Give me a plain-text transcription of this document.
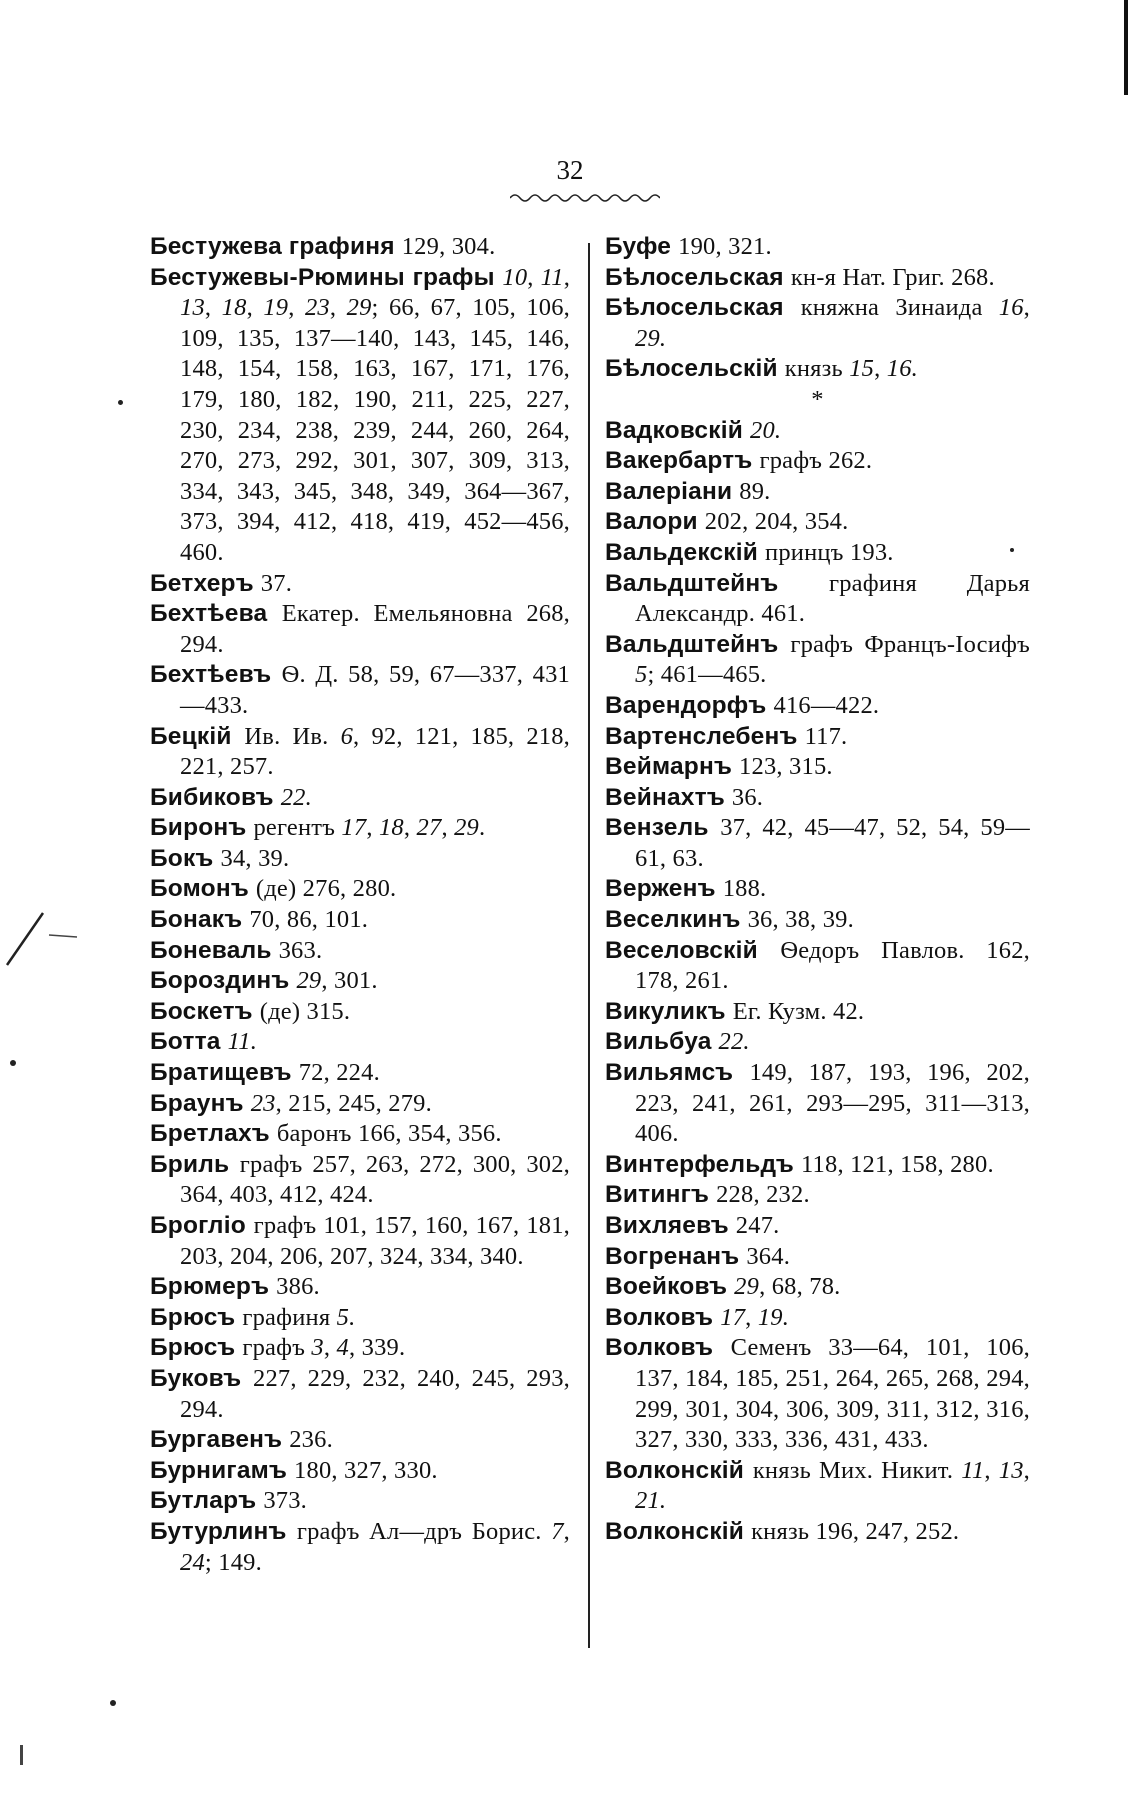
32

Бестужева графиня 129, 304.

Бестужевы-Рюмины графы 10, 11, 13, 18, 19, 23, 29; 66, 67, 105, 106, 109, 135, 137—140, 143, 145, 146, 148, 154, 158, 163, 167, 171, 176, 179, 180, 182, 190, 211, 225, 227, 230, 234, 238, 239, 244, 260, 264, 270, 273, 292, 301, 307, 309, 313, 334, 343, 345, 348, 349, 364—367, 373, 394, 412, 418, 419, 452—456, 460.

Бетхеръ 37.

Бехтѣева Екатер. Емельяновна 268, 294.

Бехтѣевъ Ѳ. Д. 58, 59, 67—337, 431—433.

Бецкій Ив. Ив. 6, 92, 121, 185, 218, 221, 257.

Бибиковъ 22.

Биронъ регентъ 17, 18, 27, 29.

Бокъ 34, 39.

Бомонъ (де) 276, 280.

Бонакъ 70, 86, 101.

Боневаль 363.

Бороздинъ 29, 301.

Боскетъ (де) 315.

Ботта 11.

Братищевъ 72, 224.

Браунъ 23, 215, 245, 279.

Бретлахъ баронъ 166, 354, 356.

Бриль графъ 257, 263, 272, 300, 302, 364, 403, 412, 424.

Брогліо графъ 101, 157, 160, 167, 181, 203, 204, 206, 207, 324, 334, 340.

Брюмеръ 386.

Брюсъ графиня 5.

Брюсъ графъ 3, 4, 339.

Буковъ 227, 229, 232, 240, 245, 293, 294.

Бургавенъ 236.

Бурнигамъ 180, 327, 330.

Бутларъ 373.

Бутурлинъ графъ Ал—дръ Борис. 7, 24; 149.

Буфе 190, 321.

Бѣлосельская кн-я Нат. Григ. 268.

Бѣлосельская княжна Зинаида 16, 29.

Бѣлосельскій князь 15, 16.

*

Вадковскій 20.

Вакербартъ графъ 262.

Валеріани 89.

Валори 202, 204, 354.

Вальдекскій принцъ 193.

Вальдштейнъ графиня Дарья Александр. 461.

Вальдштейнъ графъ Францъ-Іосифъ 5; 461—465.

Варендорфъ 416—422.

Вартенслебенъ 117.

Веймарнъ 123, 315.

Вейнахтъ 36.

Вензель 37, 42, 45—47, 52, 54, 59—61, 63.

Верженъ 188.

Веселкинъ 36, 38, 39.

Веселовскій Ѳедоръ Павлов. 162, 178, 261.

Викуликъ Ег. Кузм. 42.

Вильбуа 22.

Вильямсъ 149, 187, 193, 196, 202, 223, 241, 261, 293—295, 311—313, 406.

Винтерфельдъ 118, 121, 158, 280.

Витингъ 228, 232.

Вихляевъ 247.

Вогренанъ 364.

Воейковъ 29, 68, 78.

Волковъ 17, 19.

Волковъ Семенъ 33—64, 101, 106, 137, 184, 185, 251, 264, 265, 268, 294, 299, 301, 304, 306, 309, 311, 312, 316, 327, 330, 333, 336, 431, 433.

Волконскій князь Мих. Никит. 11, 13, 21.

Волконскій князь 196, 247, 252.
